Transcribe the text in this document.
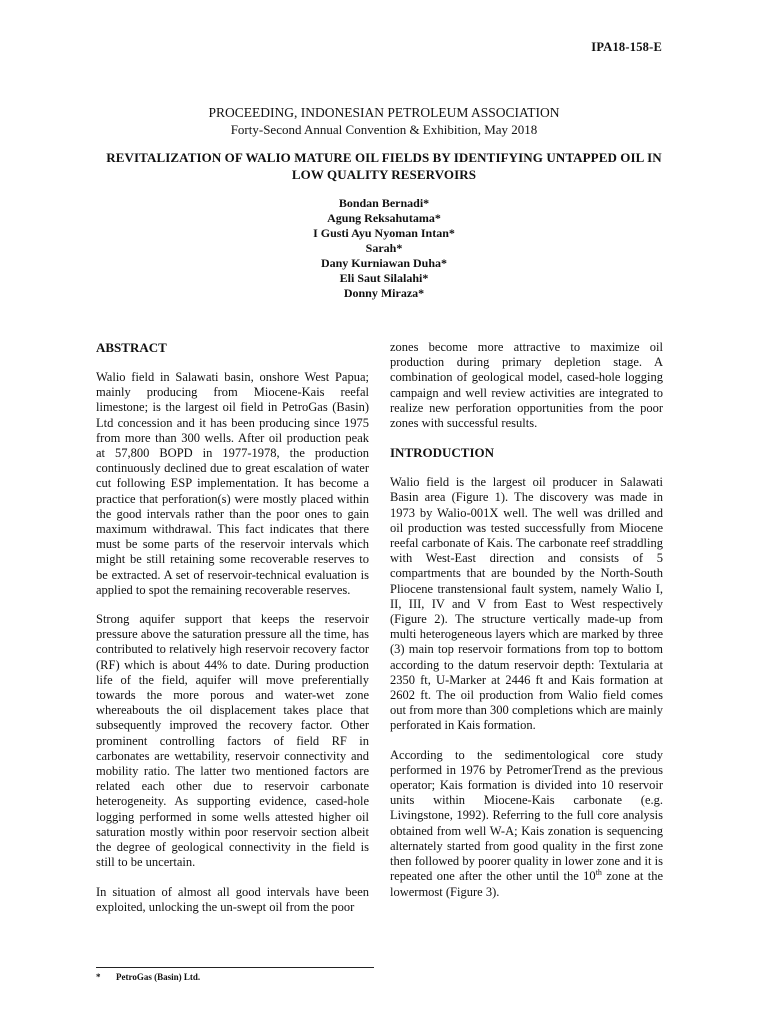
IPA18-158-E
PROCEEDING, INDONESIAN PETROLEUM ASSOCIATION
Forty-Second Annual Convention & Exhibition, May 2018
REVITALIZATION OF WALIO MATURE OIL FIELDS BY IDENTIFYING UNTAPPED OIL IN LOW QUALITY RESERVOIRS
Bondan Bernadi*
Agung Reksahutama*
I Gusti Ayu Nyoman Intan*
Sarah*
Dany Kurniawan Duha*
Eli Saut Silalahi*
Donny Miraza*
ABSTRACT

Walio field in Salawati basin, onshore West Papua; mainly producing from Miocene-Kais reefal limestone; is the largest oil field in PetroGas (Basin) Ltd concession and it has been producing since 1975 from more than 300 wells. After oil production peak at 57,800 BOPD in 1977-1978, the production continuously declined due to great escalation of water cut following ESP implementation. It has become a practice that perforation(s) were mostly placed within the good intervals rather than the poor ones to gain maximum withdrawal. This fact indicates that there must be some parts of the reservoir intervals which might be still retaining some recoverable reserves to be extracted. A set of reservoir-technical evaluation is applied to spot the remaining recoverable reserves.

Strong aquifer support that keeps the reservoir pressure above the saturation pressure all the time, has contributed to relatively high reservoir recovery factor (RF) which is about 44% to date. During production life of the field, aquifer will move preferentially towards the more porous and water-wet zone whereabouts the oil displacement takes place that subsequently improved the recovery factor. Other prominent controlling factors of field RF in carbonates are wettability, reservoir connectivity and mobility ratio. The latter two mentioned factors are related each other due to reservoir carbonate heterogeneity. As supporting evidence, cased-hole logging performed in some wells attested higher oil saturation mostly within poor reservoir section albeit the degree of geological connectivity in the field is still to be uncertain.

In situation of almost all good intervals have been exploited, unlocking the un-swept oil from the poor

zones become more attractive to maximize oil production during primary depletion stage. A combination of geological model, cased-hole logging campaign and well review activities are integrated to realize new perforation opportunities from the poor zones with successful results.

INTRODUCTION

Walio field is the largest oil producer in Salawati Basin area (Figure 1). The discovery was made in 1973 by Walio-001X well. The well was drilled and oil production was tested successfully from Miocene reefal carbonate of Kais. The carbonate reef straddling with West-East direction and consists of 5 compartments that are bounded by the North-South Pliocene transtensional fault system, namely Walio I, II, III, IV and V from East to West respectively (Figure 2). The structure vertically made-up from multi heterogeneous layers which are marked by three (3) main top reservoir formations from top to bottom according to the datum reservoir depth: Textularia at 2350 ft, U-Marker at 2446 ft and Kais formation at 2602 ft. The oil production from Walio field comes out from more than 300 completions which are mainly perforated in Kais formation.

According to the sedimentological core study performed in 1976 by PetromerTrend as the previous operator; Kais formation is divided into 10 reservoir units within Miocene-Kais carbonate (e.g. Livingstone, 1992). Referring to the full core analysis obtained from well W-A; Kais zonation is sequencing alternately started from good quality in the first zone then followed by poorer quality in lower zone and it is repeated one after the other until the 10th zone at the lowermost (Figure 3).

* PetroGas (Basin) Ltd.
